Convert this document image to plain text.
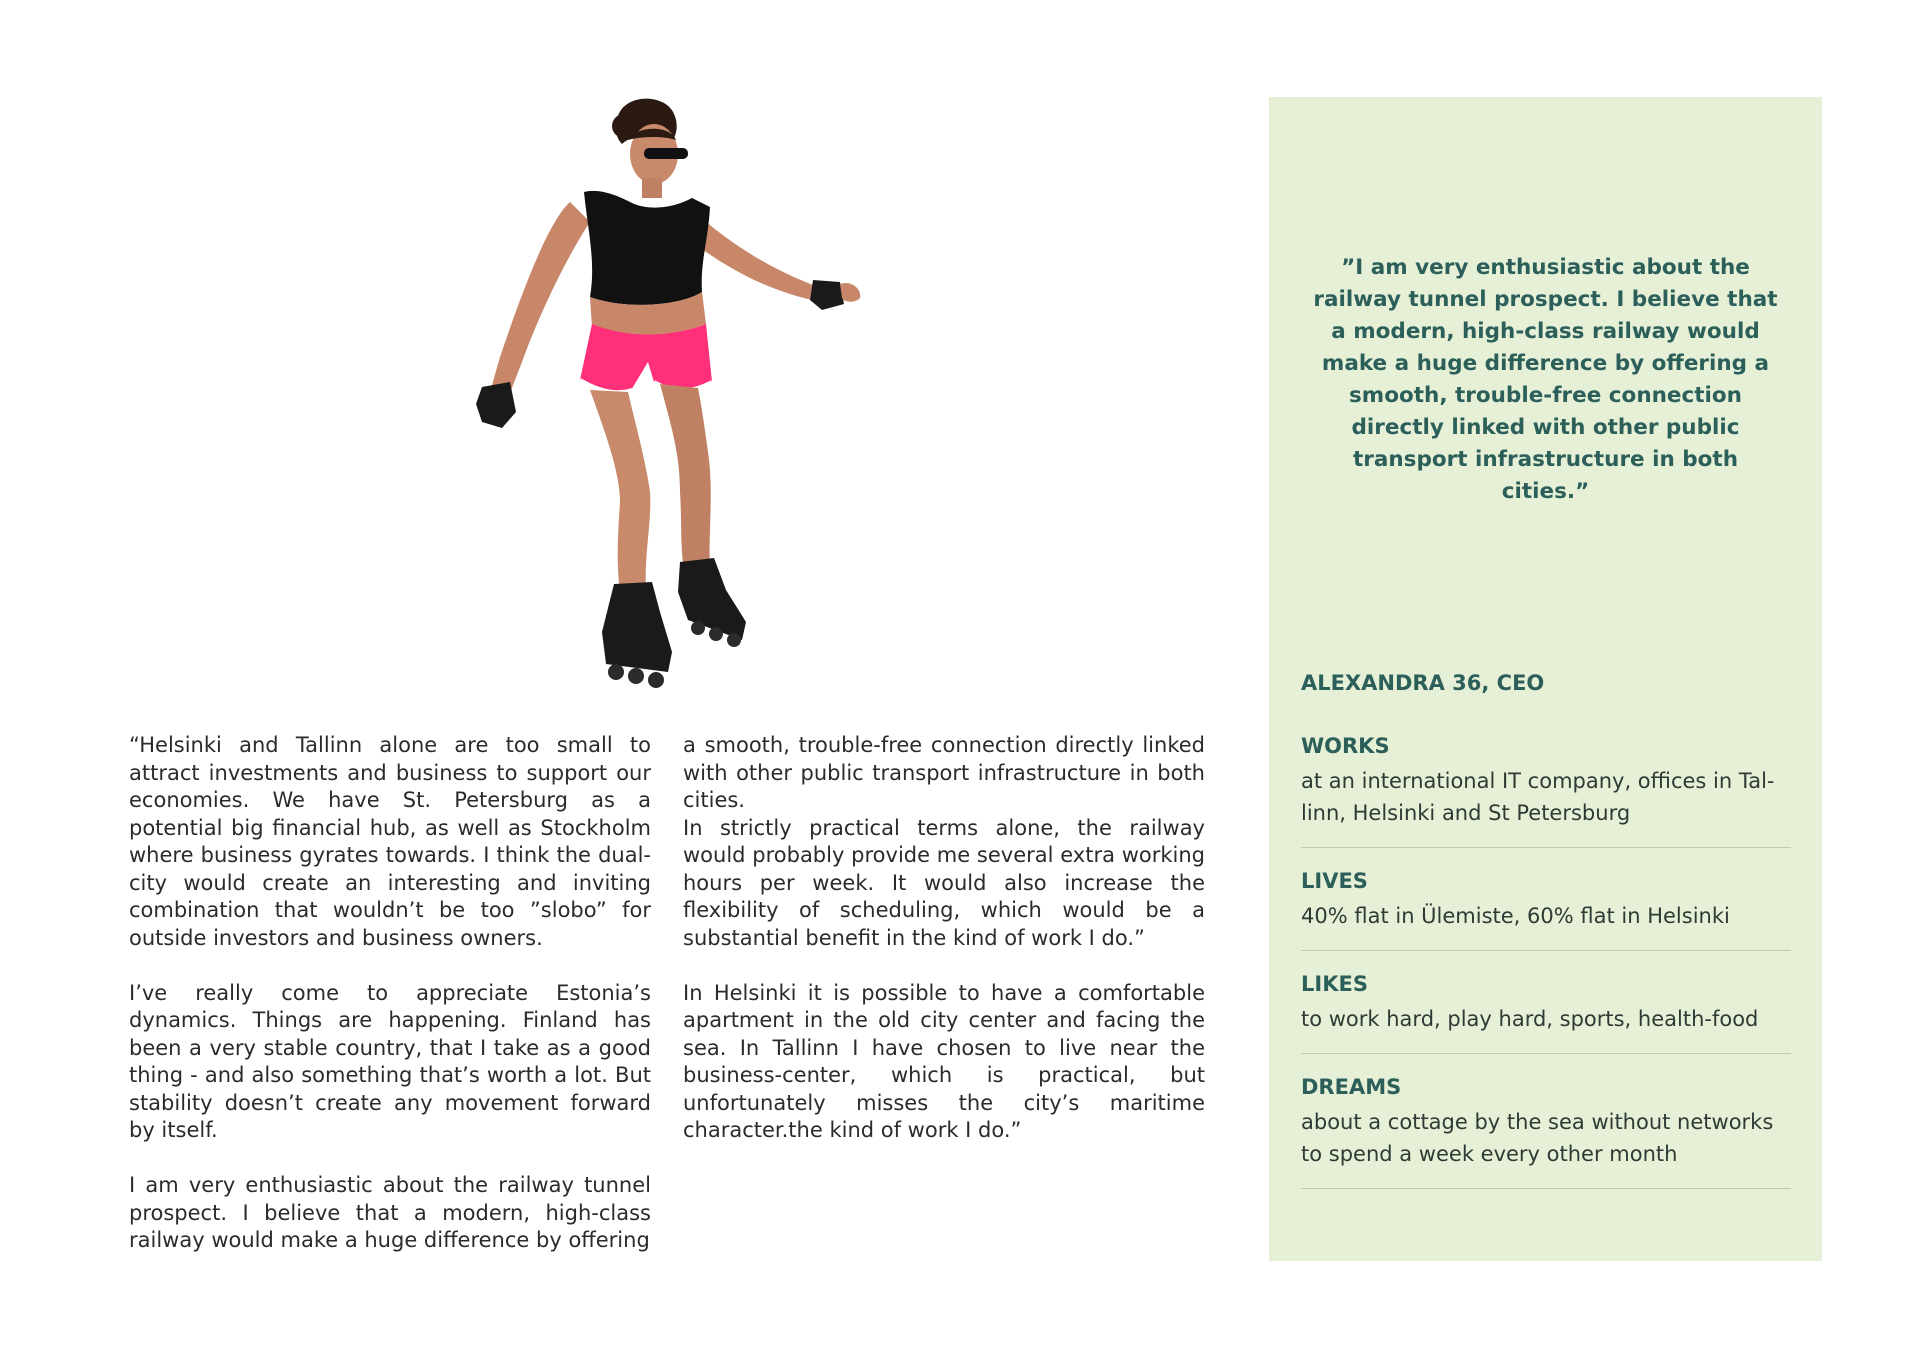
“Helsinki and Tallinn alone are too small to attract investments and business to support our economies. We have St. Petersburg as a potential big financial hub, as well as Stockholm where business gyrates towards. I think the dual-city would create an interesting and inviting combination that wouldn’t be too ”slobo” for outside investors and business owners.

I’ve really come to appreciate Estonia’s dynamics. Things are happening. Finland has been a very stable country, that I take as a good thing - and also something that’s worth a lot. But stability doesn’t create any movement forward by itself.

I am very enthusiastic about the railway tunnel prospect. I believe that a modern, high-class railway would make a huge difference by offering

a smooth, trouble-free connection directly linked with other public transport infrastructure in both cities.

In strictly practical terms alone, the railway would probably provide me several extra working hours per week. It would also increase the flexibility of scheduling, which would be a substantial benefit in the kind of work I do.”

In Helsinki it is possible to have a comfortable apartment in the old city center and facing the sea. In Tallinn I have chosen to live near the business-center, which is practical, but unfortunately misses the city’s maritime character.the kind of work I do.”

”I am very enthusiastic about the railway tunnel prospect. I believe that a modern, high-class railway would make a huge difference by offering a smooth, trouble-free connection directly linked with other public transport infrastructure in both cities.”
ALEXANDRA 36, CEO
WORKS
at an international IT company, offices in Tal-linn, Helsinki and St Petersburg
LIVES
40% flat in Ülemiste, 60% flat in Helsinki
LIKES
to work hard, play hard, sports, health-food
DREAMS
about a cottage by the sea without networks to spend a week every other month
